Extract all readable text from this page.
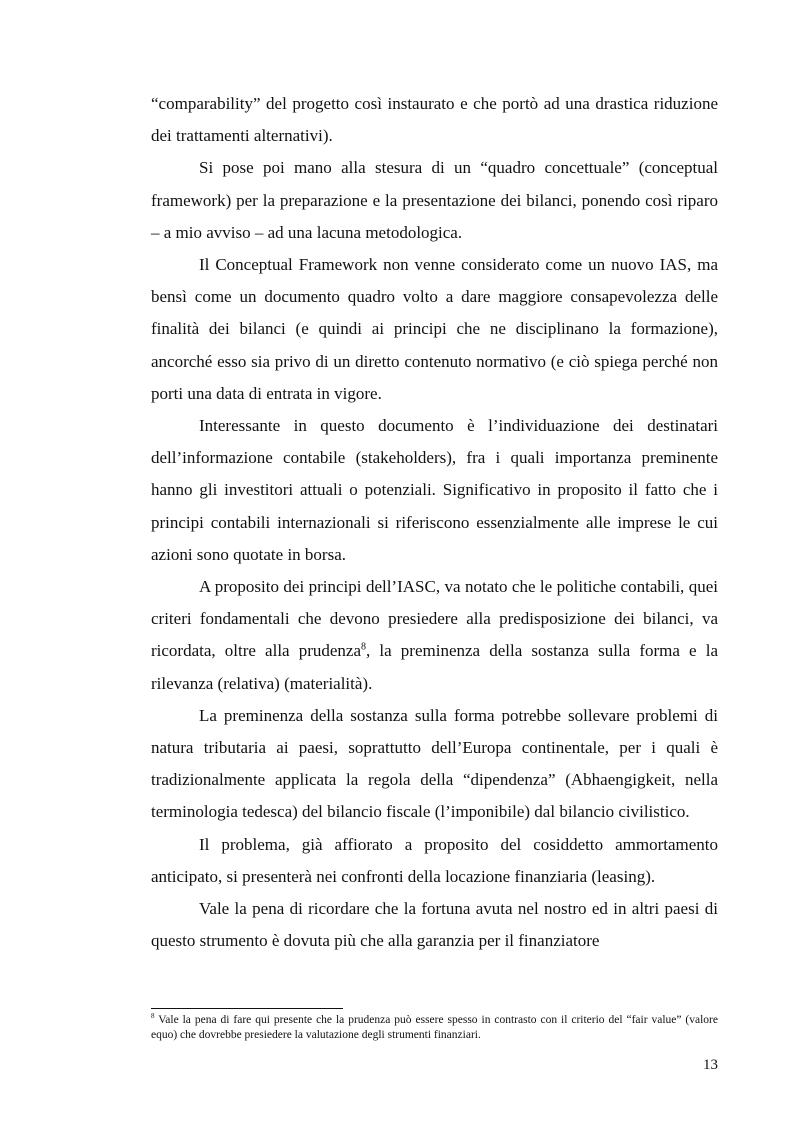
“comparability” del progetto così instaurato e che portò ad una drastica riduzione dei trattamenti alternativi).

Si pose poi mano alla stesura di un “quadro concettuale” (conceptual framework) per la preparazione e la presentazione dei bilanci, ponendo così riparo – a mio avviso – ad una lacuna metodologica.

Il Conceptual Framework non venne considerato come un nuovo IAS, ma bensì come un documento quadro volto a dare maggiore consapevolezza delle finalità dei bilanci (e quindi ai principi che ne disciplinano la formazione), ancorché esso sia privo di un diretto contenuto normativo (e ciò spiega perché non porti una data di entrata in vigore.

Interessante in questo documento è l’individuazione dei destinatari dell’informazione contabile (stakeholders), fra i quali importanza preminente hanno gli investitori attuali o potenziali. Significativo in proposito il fatto che i principi contabili internazionali si riferiscono essenzialmente alle imprese le cui azioni sono quotate in borsa.

A proposito dei principi dell’IASC, va notato che le politiche contabili, quei criteri fondamentali che devono presiedere alla predisposizione dei bilanci, va ricordata, oltre alla prudenza$^8$, la preminenza della sostanza sulla forma e la rilevanza (relativa) (materialità).

La preminenza della sostanza sulla forma potrebbe sollevare problemi di natura tributaria ai paesi, soprattutto dell’Europa continentale, per i quali è tradizionalmente applicata la regola della “dipendenza” (Abhaengigkeit, nella terminologia tedesca) del bilancio fiscale (l’imponibile) dal bilancio civilistico.

Il problema, già affiorato a proposito del cosiddetto ammortamento anticipato, si presenterà nei confronti della locazione finanziaria (leasing).

Vale la pena di ricordare che la fortuna avuta nel nostro ed in altri paesi di questo strumento è dovuta più che alla garanzia per il finanziatore

$^8$ Vale la pena di fare qui presente che la prudenza può essere spesso in contrasto con il criterio del “fair value” (valore equo) che dovrebbe presiedere la valutazione degli strumenti finanziari.
13
